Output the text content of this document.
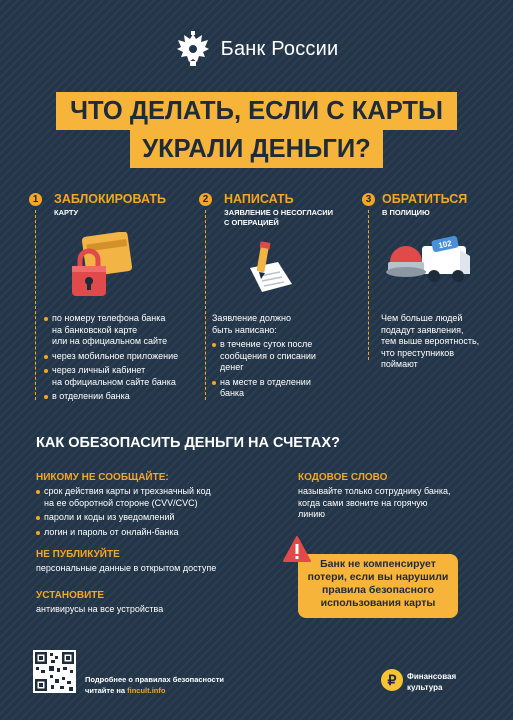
Банк России
ЧТО ДЕЛАТЬ, ЕСЛИ С КАРТЫ
УКРАЛИ ДЕНЬГИ?
1 ЗАБЛОКИРОВАТЬ
КАРТУ
по номеру телефона банка
на банковской карте
или на официальном сайте
через мобильное приложение
через личный кабинет
на официальном сайте банка
в отделении банка
2 НАПИСАТЬ
ЗАЯВЛЕНИЕ О НЕСОГЛАСИИ
С ОПЕРАЦИЕЙ
Заявление должно
быть написано:
в течение суток после
сообщения о списании
денег
на месте в отделении
банка
3 ОБРАТИТЬСЯ
В ПОЛИЦИЮ
102
Чем больше людей
подадут заявления,
тем выше вероятность,
что преступников
поймают
КАК ОБЕЗОПАСИТЬ ДЕНЬГИ НА СЧЕТАХ?
НИКОМУ НЕ СООБЩАЙТЕ:
срок действия карты и трехзначный код
на ее оборотной стороне (CVV/CVC)
пароли и коды из уведомлений
логин и пароль от онлайн-банка
НЕ ПУБЛИКУЙТЕ
персональные данные в открытом доступе
УСТАНОВИТЕ
антивирусы на все устройства
КОДОВОЕ СЛОВО
называйте только сотруднику банка,
когда сами звоните на горячую
линию
Банк не компенсирует
потери, если вы нарушили
правила безопасного
использования карты
Подробнее о правилах безопасности
читайте на fincult.info
₽	Финансовая
культура
